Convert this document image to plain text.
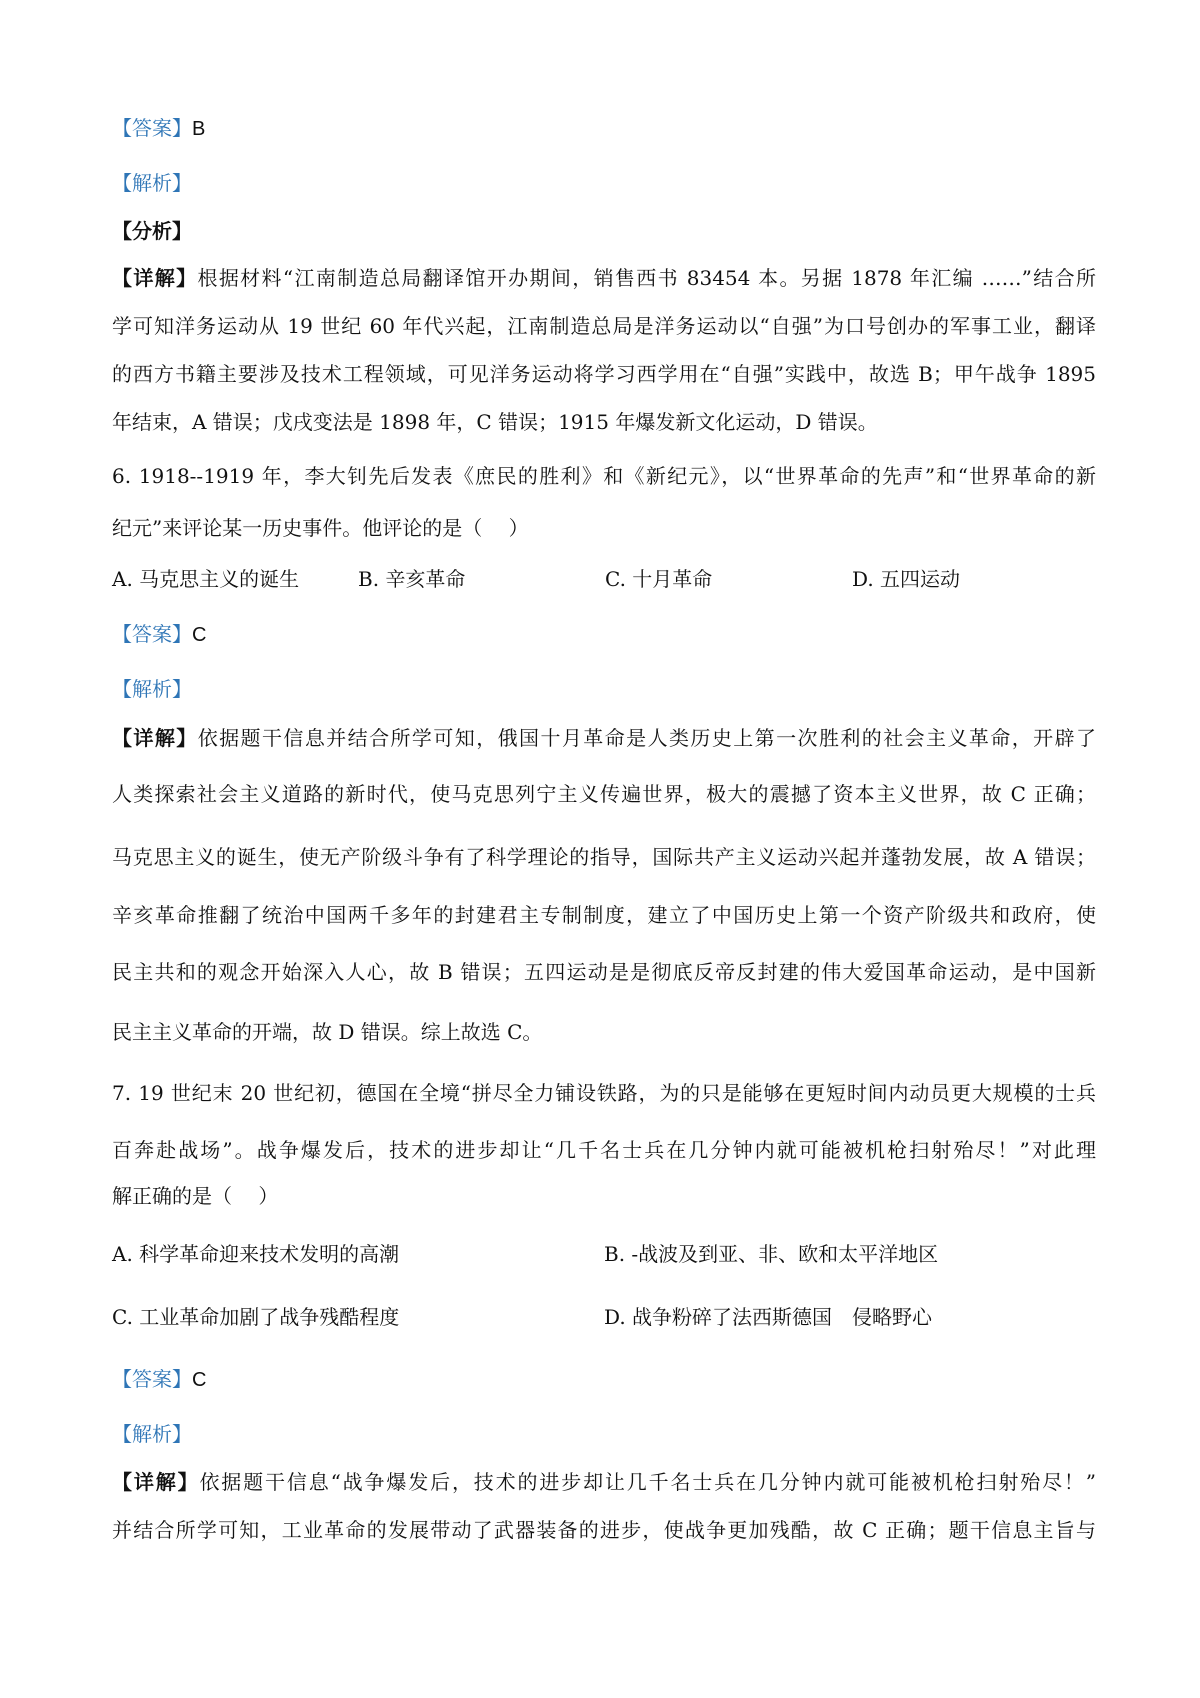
【答案】B
【解析】
【分析】
【详解】根据材料“江南制造总局翻译馆开办期间，销售西书 83454 本。另据 1878 年汇编 ……”结合所
学可知洋务运动从 19 世纪 60 年代兴起，江南制造总局是洋务运动以“自强”为口号创办的军事工业，翻译
的西方书籍主要涉及技术工程领域，可见洋务运动将学习西学用在“自强”实践中，故选 B；甲午战争 1895
年结束，A 错误；戊戌变法是 1898 年，C 错误；1915 年爆发新文化运动，D 错误。
6. 1918--1919 年，李大钊先后发表《庶民的胜利》和《新纪元》，以“世界革命的先声”和“世界革命的新
纪元”来评论某一历史事件。他评论的是（　 ）
A. 马克思主义的诞生	B. 辛亥革命	C. 十月革命	D. 五四运动
【答案】C
【解析】
【详解】依据题干信息并结合所学可知，俄国十月革命是人类历史上第一次胜利的社会主义革命，开辟了
人类探索社会主义道路的新时代，使马克思列宁主义传遍世界，极大的震撼了资本主义世界，故 C 正确；
马克思主义的诞生，使无产阶级斗争有了科学理论的指导，国际共产主义运动兴起并蓬勃发展，故 A 错误；
辛亥革命推翻了统治中国两千多年的封建君主专制制度，建立了中国历史上第一个资产阶级共和政府，使
民主共和的观念开始深入人心，故 B 错误；五四运动是是彻底反帝反封建的伟大爱国革命运动，是中国新
民主主义革命的开端，故 D 错误。综上故选 C。
7. 19 世纪末 20 世纪初，德国在全境“拼尽全力铺设铁路，为的只是能够在更短时间内动员更大规模的士兵
百奔赴战场”。战争爆发后，技术的进步却让“几千名士兵在几分钟内就可能被机枪扫射殆尽！”对此理
解正确的是（　 ）
A. 科学革命迎来技术发明的高潮	B. -战波及到亚、非、欧和太平洋地区
C. 工业革命加剧了战争残酷程度	D. 战争粉碎了法西斯德国　侵略野心
【答案】C
【解析】
【详解】依据题干信息“战争爆发后，技术的进步却让几千名士兵在几分钟内就可能被机枪扫射殆尽！”
并结合所学可知，工业革命的发展带动了武器装备的进步，使战争更加残酷，故 C 正确；题干信息主旨与
